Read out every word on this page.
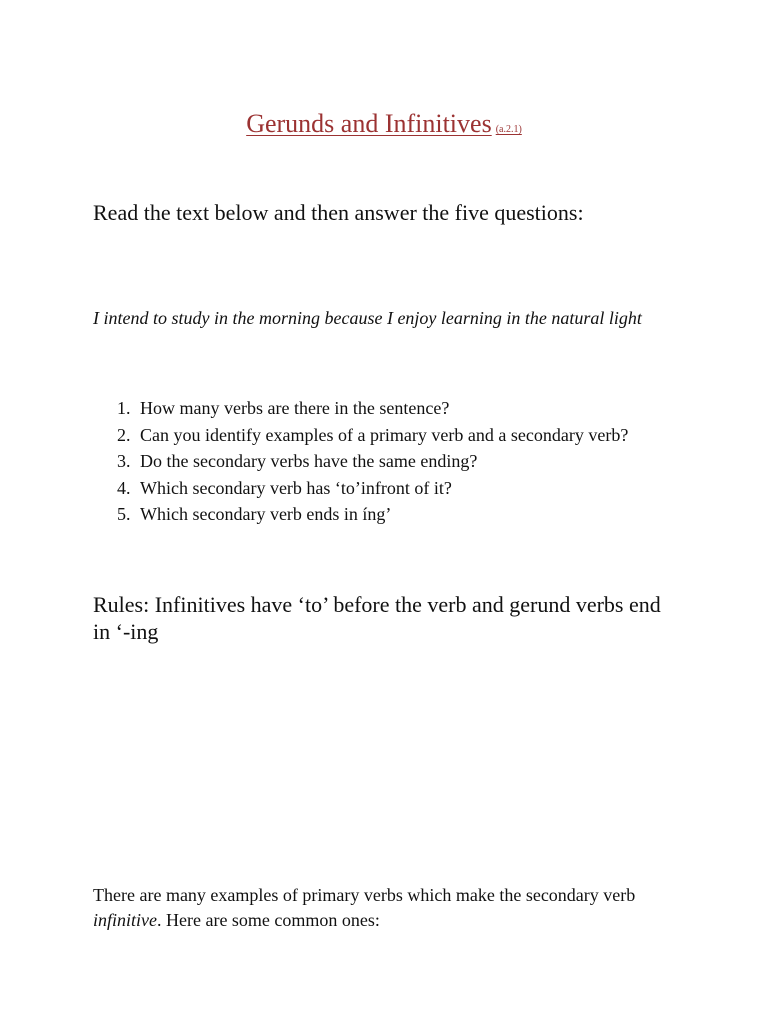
Gerunds and Infinitives (a.2.1)
Read the text below and then answer the five questions:
I intend to study in the morning because I enjoy learning in the natural light
1. How many verbs are there in the sentence?
2. Can you identify examples of a primary verb and a secondary verb?
3. Do the secondary verbs have the same ending?
4. Which secondary verb has ‘to’infront of it?
5. Which secondary verb ends in íng’
Rules: Infinitives have ‘to’ before the verb and gerund verbs end in ‘-ing
There are many examples of primary verbs which make the secondary verb infinitive. Here are some common ones:
